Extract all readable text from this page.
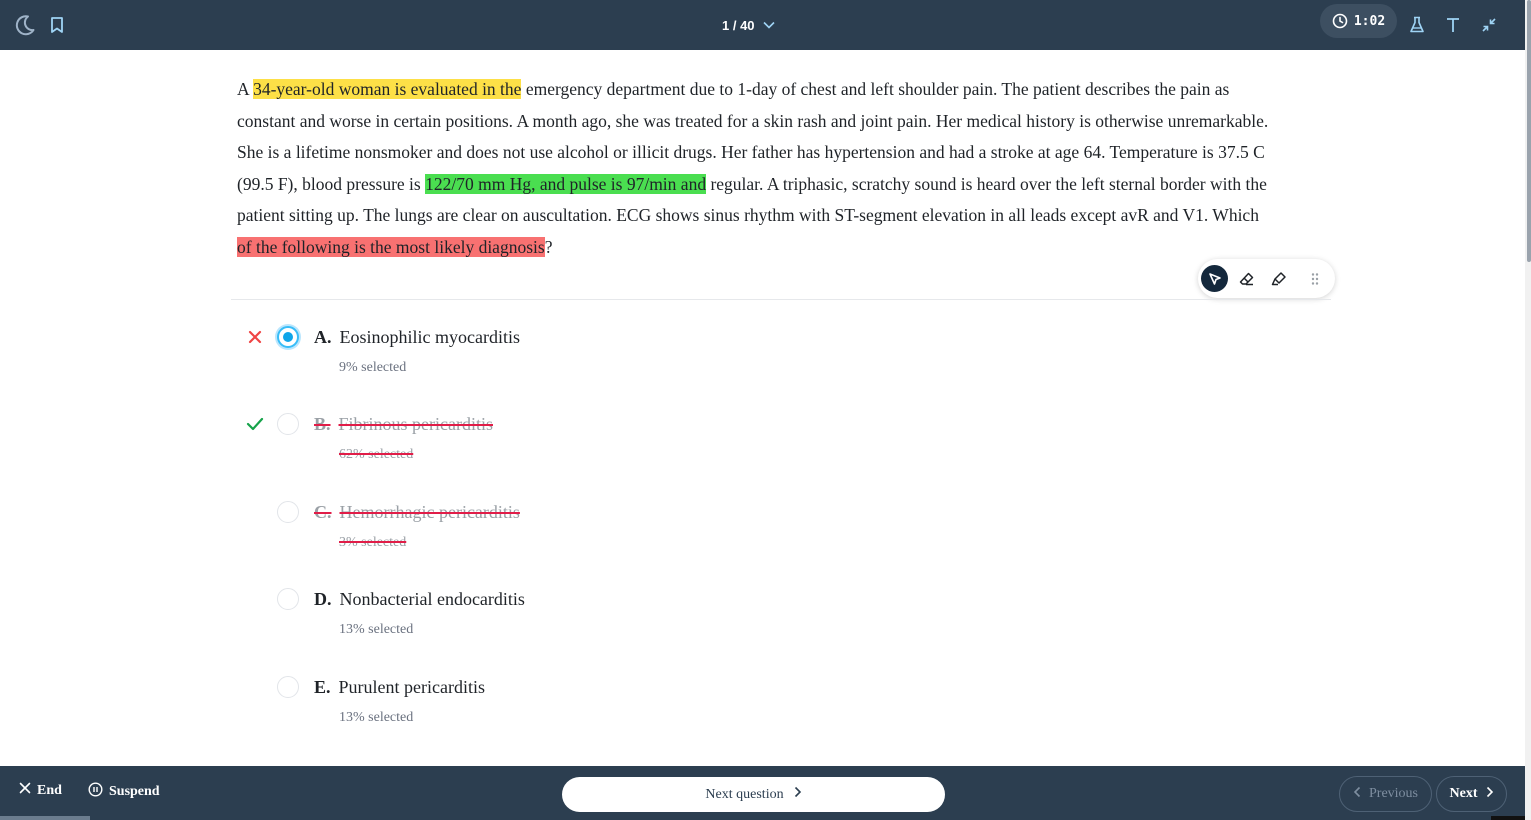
1 / 40	1:02
A 34-year-old woman is evaluated in the emergency department due to 1-day of chest and left shoulder pain. The patient describes the pain as constant and worse in certain positions. A month ago, she was treated for a skin rash and joint pain. Her medical history is otherwise unremarkable. She is a lifetime nonsmoker and does not use alcohol or illicit drugs. Her father has hypertension and had a stroke at age 64. Temperature is 37.5 C (99.5 F), blood pressure is 122/70 mm Hg, and pulse is 97/min and regular. A triphasic, scratchy sound is heard over the left sternal border with the patient sitting up. The lungs are clear on auscultation. ECG shows sinus rhythm with ST-segment elevation in all leads except avR and V1. Which of the following is the most likely diagnosis?
A. Eosinophilic myocarditis
9% selected
B. Fibrinous pericarditis
62% selected
C. Hemorrhagic pericarditis
3% selected
D. Nonbacterial endocarditis
13% selected
E. Purulent pericarditis
13% selected
End	Suspend	Next question	Previous Next
